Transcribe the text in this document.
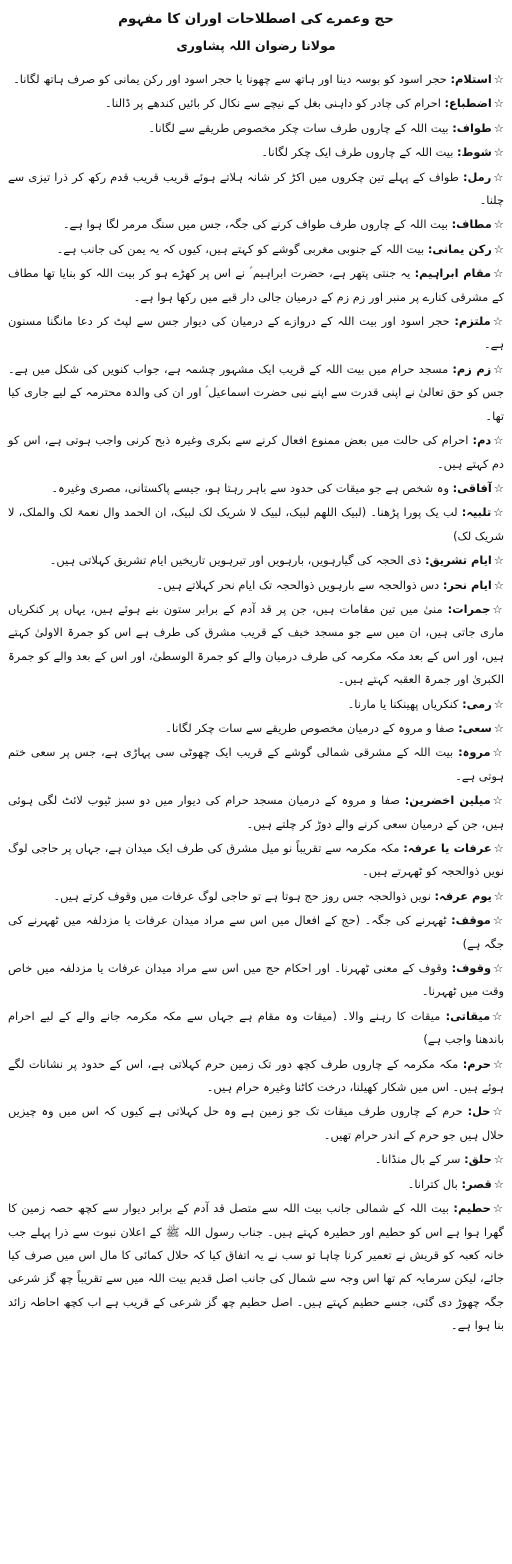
حج وعمرے کی اصطلاحات اوران کا مفہوم
مولانا رضوان اللہ پشاوری

☆استلام: حجر اسود کو بوسہ دینا اور ہاتھ سے چھونا یا حجر اسود اور رکن یمانی کو صرف ہاتھ لگانا۔

☆اضطباع: احرام کی چادر کو داہنی بغل کے نیچے سے نکال کر بائیں کندھے پر ڈالنا۔

☆طواف: بیت اللہ کے چاروں طرف سات چکر مخصوص طریقے سے لگانا۔

☆شوط: بیت اللہ کے چاروں طرف ایک چکر لگانا۔

☆رمل: طواف کے پہلے تین چکروں میں اکڑ کر شانہ ہلاتے ہوئے قریب قریب قدم رکھ کر ذرا تیزی سے چلنا۔

☆مطاف: بیت اللہ کے چاروں طرف طواف کرنے کی جگہ، جس میں سنگ مرمر لگا ہوا ہے۔

☆رکن یمانی: بیت اللہ کے جنوبی مغربی گوشے کو کہتے ہیں، کیوں کہ یہ یمن کی جانب ہے۔

☆مقام ابراہیم: یہ جنتی پتھر ہے، حضرت ابراہیم ؑ نے اس پر کھڑے ہو کر بیت اللہ کو بنایا تھا مطاف کے مشرقی کنارے پر منبر اور زم زم کے درمیان جالی دار قبے میں رکھا ہوا ہے۔

☆ملتزم: حجر اسود اور بیت اللہ کے دروازے کے درمیان کی دیوار جس سے لپٹ کر دعا مانگنا مسنون ہے۔

☆زم زم: مسجد حرام میں بیت اللہ کے قریب ایک مشہور چشمہ ہے، جواب کنویں کی شکل میں ہے۔ جس کو حق تعالیٰ نے اپنی قدرت سے اپنے نبی حضرت اسماعیل ؑ اور ان کی والدہ محترمہ کے لیے جاری کیا تھا۔

☆دم: احرام کی حالت میں بعض ممنوع افعال کرنے سے بکری وغیرہ ذبح کرنی واجب ہوتی ہے، اس کو دم کہتے ہیں۔

☆آفاقی: وہ شخص ہے جو میقات کی حدود سے باہر رہتا ہو، جیسے پاکستانی، مصری وغیرہ۔

☆تلبیہ: لب یک پورا پڑھنا۔ (لبیک اللھم لبیک، لبیک لا شریک لک لبیک، ان الحمد وال نعمۃ لک والملک، لا شریک لک)

☆ایام تشریق: ذی الحجہ کی گیارہویں، بارہویں اور تیرہویں تاریخیں ایام تشریق کہلاتی ہیں۔

☆ایام نحر: دس ذوالحجہ سے بارہویں ذوالحجہ تک ایام نحر کہلاتے ہیں۔

☆جمرات: منیٰ میں تین مقامات ہیں، جن پر قد آدم کے برابر ستون بنے ہوئے ہیں، یہاں پر کنکریاں ماری جاتی ہیں، ان میں سے جو مسجد خیف کے قریب مشرق کی طرف ہے اس کو جمرۃ الاولیٰ کہتے ہیں، اور اس کے بعد مکہ مکرمہ کی طرف درمیان والے کو جمرۃ الوسطیٰ، اور اس کے بعد والے کو جمرۃ الکبریٰ اور جمرۃ العقبہ کہتے ہیں۔

☆رمی: کنکریاں پھینکنا یا مارنا۔

☆سعی: صفا و مروہ کے درمیان مخصوص طریقے سے سات چکر لگانا۔

☆مروہ: بیت اللہ کے مشرقی شمالی گوشے کے قریب ایک چھوٹی سی پہاڑی ہے، جس پر سعی ختم ہوتی ہے۔

☆میلین اخضرین: صفا و مروہ کے درمیان مسجد حرام کی دیوار میں دو سبز ٹیوب لائٹ لگی ہوئی ہیں، جن کے درمیان سعی کرنے والے دوڑ کر چلتے ہیں۔

☆عرفات یا عرفہ: مکہ مکرمہ سے تقریباً نو میل مشرق کی طرف ایک میدان ہے، جہاں پر حاجی لوگ نویں ذوالحجہ کو ٹھہرتے ہیں۔

☆یوم عرفہ: نویں ذوالحجہ جس روز حج ہوتا ہے تو حاجی لوگ عرفات میں وقوف کرتے ہیں۔

☆موقف: ٹھہرنے کی جگہ۔ (حج کے افعال میں اس سے مراد میدان عرفات یا مزدلفہ میں ٹھہرنے کی جگہ ہے)

☆وقوف: وقوف کے معنی ٹھہرنا۔ اور احکام حج میں اس سے مراد میدان عرفات یا مزدلفہ میں خاص وقت میں ٹھہرنا۔

☆میقاتی: میقات کا رہنے والا۔ (میقات وہ مقام ہے جہاں سے مکہ مکرمہ جانے والے کے لیے احرام باندھنا واجب ہے)

☆حرم: مکہ مکرمہ کے چاروں طرف کچھ دور تک زمین حرم کہلاتی ہے، اس کے حدود پر نشانات لگے ہوئے ہیں۔ اس میں شکار کھیلنا، درخت کاٹنا وغیرہ حرام ہیں۔

☆حل: حرم کے چاروں طرف میقات تک جو زمین ہے وہ حل کہلاتی ہے کیوں کہ اس میں وہ چیزیں حلال ہیں جو حرم کے اندر حرام تھیں۔

☆حلق: سر کے بال منڈانا۔

☆قصر: بال کترانا۔

☆حطیم: بیت اللہ کے شمالی جانب بیت اللہ سے متصل قد آدم کے برابر دیوار سے کچھ حصہ زمین کا گھرا ہوا ہے اس کو حطیم اور حطیرہ کہتے ہیں۔ جناب رسول اللہ ﷺ کے اعلان نبوت سے ذرا پہلے جب خانہ کعبہ کو قریش نے تعمیر کرنا چاہا تو سب نے یہ اتفاق کیا کہ حلال کمائی کا مال اس میں صرف کیا جائے، لیکن سرمایہ کم تھا اس وجہ سے شمال کی جانب اصل قدیم بیت اللہ میں سے تقریباً چھ گز شرعی جگہ چھوڑ دی گئی، جسے حطیم کہتے ہیں۔ اصل حطیم چھ گز شرعی کے قریب ہے اب کچھ احاطہ زائد بنا ہوا ہے۔
